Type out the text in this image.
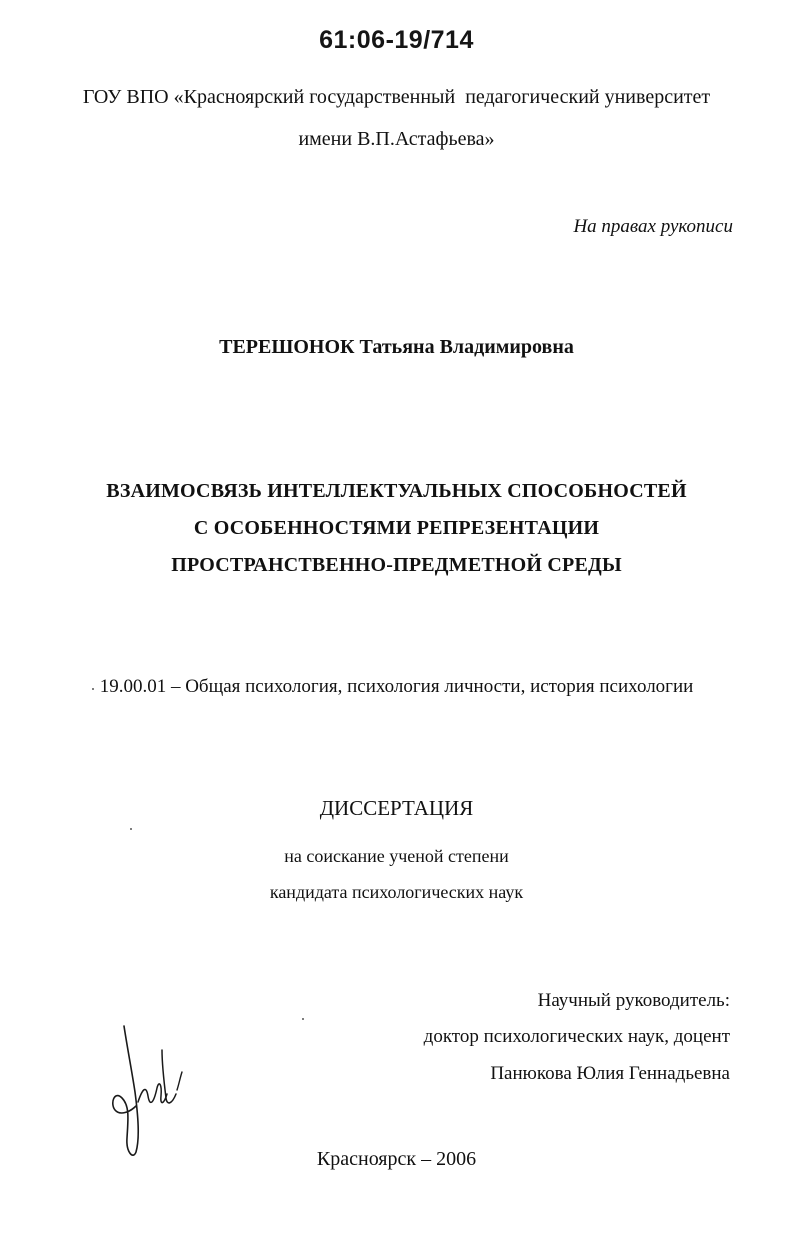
61:06-19/714
ГОУ ВПО «Красноярский государственный  педагогический университет
имени В.П.Астафьева»
На правах рукописи
ТЕРЕШОНОК Татьяна Владимировна
ВЗАИМОСВЯЗЬ ИНТЕЛЛЕКТУАЛЬНЫХ СПОСОБНОСТЕЙ
С ОСОБЕННОСТЯМИ РЕПРЕЗЕНТАЦИИ
ПРОСТРАНСТВЕННО-ПРЕДМЕТНОЙ СРЕДЫ
19.00.01 – Общая психология, психология личности, история психологии
ДИССЕРТАЦИЯ
на соискание ученой степени
кандидата психологических наук
Научный руководитель:
доктор психологических наук, доцент
Панюкова Юлия Геннадьевна
Красноярск – 2006
